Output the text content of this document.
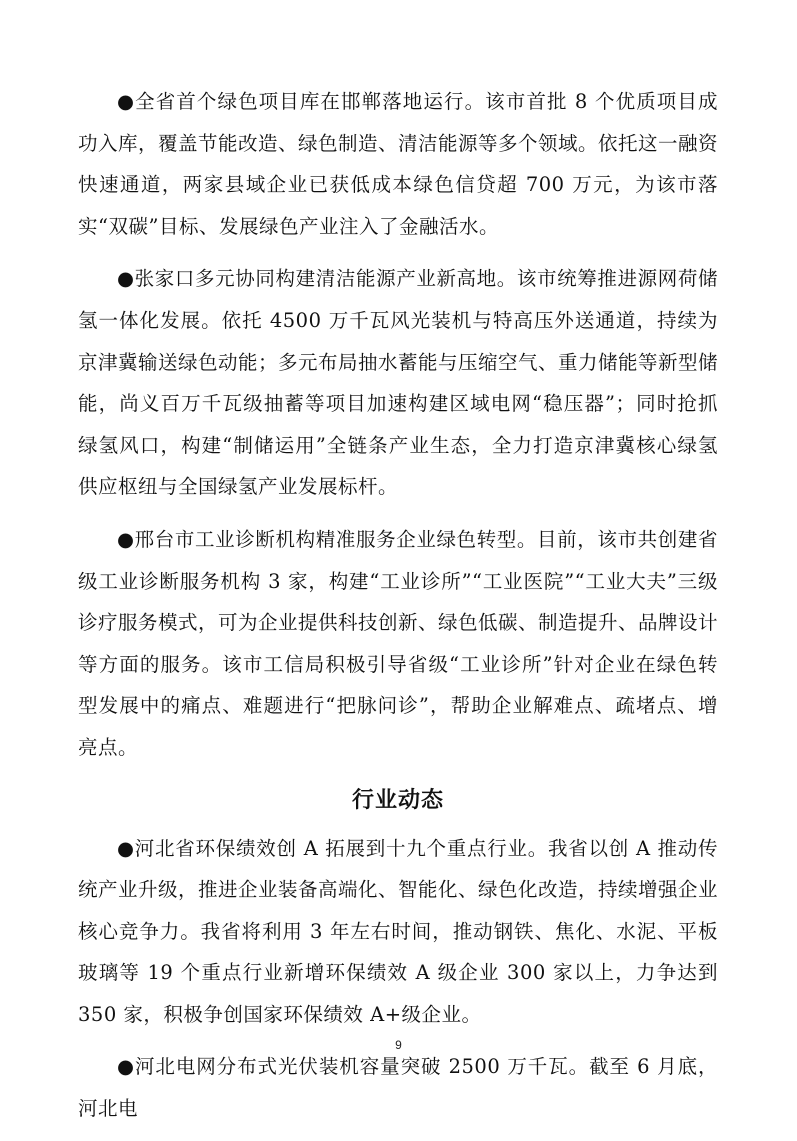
●全省首个绿色项目库在邯郸落地运行。该市首批 8 个优质项目成功入库，覆盖节能改造、绿色制造、清洁能源等多个领域。依托这一融资快速通道，两家县域企业已获低成本绿色信贷超 700 万元，为该市落实“双碳”目标、发展绿色产业注入了金融活水。

●张家口多元协同构建清洁能源产业新高地。该市统筹推进源网荷储氢一体化发展。依托 4500 万千瓦风光装机与特高压外送通道，持续为京津冀输送绿色动能；多元布局抽水蓄能与压缩空气、重力储能等新型储能，尚义百万千瓦级抽蓄等项目加速构建区域电网“稳压器”；同时抢抓绿氢风口，构建“制储运用”全链条产业生态，全力打造京津冀核心绿氢供应枢纽与全国绿氢产业发展标杆。

●邢台市工业诊断机构精准服务企业绿色转型。目前，该市共创建省级工业诊断服务机构 3 家，构建“工业诊所”“工业医院”“工业大夫”三级诊疗服务模式，可为企业提供科技创新、绿色低碳、制造提升、品牌设计等方面的服务。该市工信局积极引导省级“工业诊所”针对企业在绿色转型发展中的痛点、难题进行“把脉问诊”，帮助企业解难点、疏堵点、增亮点。

行业动态

●河北省环保绩效创 A 拓展到十九个重点行业。我省以创 A 推动传统产业升级，推进企业装备高端化、智能化、绿色化改造，持续增强企业核心竞争力。我省将利用 3 年左右时间，推动钢铁、焦化、水泥、平板玻璃等 19 个重点行业新增环保绩效 A 级企业 300 家以上，力争达到 350 家，积极争创国家环保绩效 A+级企业。

●河北电网分布式光伏装机容量突破 2500 万千瓦。截至 6 月底，河北电

9
